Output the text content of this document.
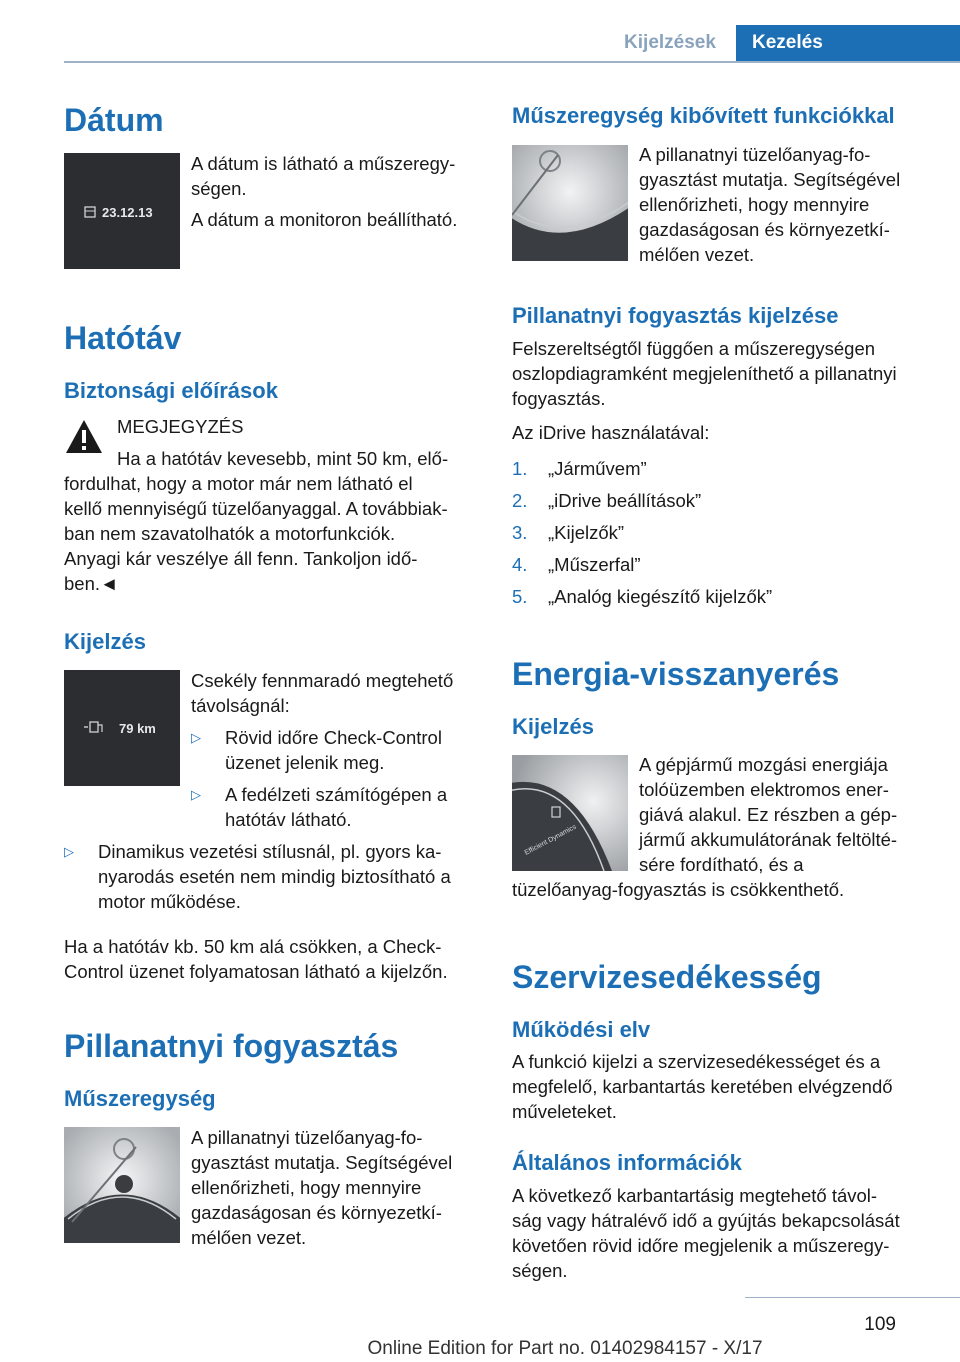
Kijelzések	Kezelés
Dátum
23.12.13
A dátum is látható a műszeregy-
ségen.
A dátum a monitoron beállítható.
Hatótáv
Biztonsági előírások
MEGJEGYZÉS
Ha a hatótáv kevesebb, mint 50 km, elő-
fordulhat, hogy a motor már nem látható el
kellő mennyiségű tüzelőanyaggal. A továbbiak-
ban nem szavatolhatók a motorfunkciók.
Anyagi kár veszélye áll fenn. Tankoljon idő-
ben.◄
Kijelzés
79 km
Csekély fennmaradó megtehető
távolságnál:
▷ Rövid időre Check-Control
üzenet jelenik meg.
▷ A fedélzeti számítógépen a
hatótáv látható.
▷ Dinamikus vezetési stílusnál, pl. gyors ka-
nyarodás esetén nem mindig biztosítható a
motor működése.
Ha a hatótáv kb. 50 km alá csökken, a Check-
Control üzenet folyamatosan látható a kijelzőn.
Pillanatnyi fogyasztás
Műszeregység
A pillanatnyi tüzelőanyag-fo-
gyasztást mutatja. Segítségével
ellenőrizheti, hogy mennyire
gazdaságosan és környezetkí-
mélően vezet.
Műszeregység kibővített funkciókkal
A pillanatnyi tüzelőanyag-fo-
gyasztást mutatja. Segítségével
ellenőrizheti, hogy mennyire
gazdaságosan és környezetkí-
mélően vezet.
Pillanatnyi fogyasztás kijelzése
Felszereltségtől függően a műszeregységen
oszlopdiagramként megjeleníthető a pillanatnyi
fogyasztás.
Az iDrive használatával:
1. „Járművem”
2. „iDrive beállítások”
3. „Kijelzők”
4. „Műszerfal”
5. „Analóg kiegészítő kijelzők”
Energia-visszanyerés
Kijelzés
Efficient Dynamics
A gépjármű mozgási energiája
tolóüzemben elektromos ener-
giává alakul. Ez részben a gép-
jármű akkumulátorának feltölté-
sére fordítható, és a
tüzelőanyag-fogyasztás is csökkenthető.
Szervizesedékesség
Működési elv
A funkció kijelzi a szervizesedékességet és a
megfelelő, karbantartás keretében elvégzendő
műveleteket.
Általános információk
A következő karbantartásig megtehető távol-
ság vagy hátralévő idő a gyújtás bekapcsolását
követően rövid időre megjelenik a műszeregy-
ségen.
109
Online Edition for Part no. 01402984157 - X/17
